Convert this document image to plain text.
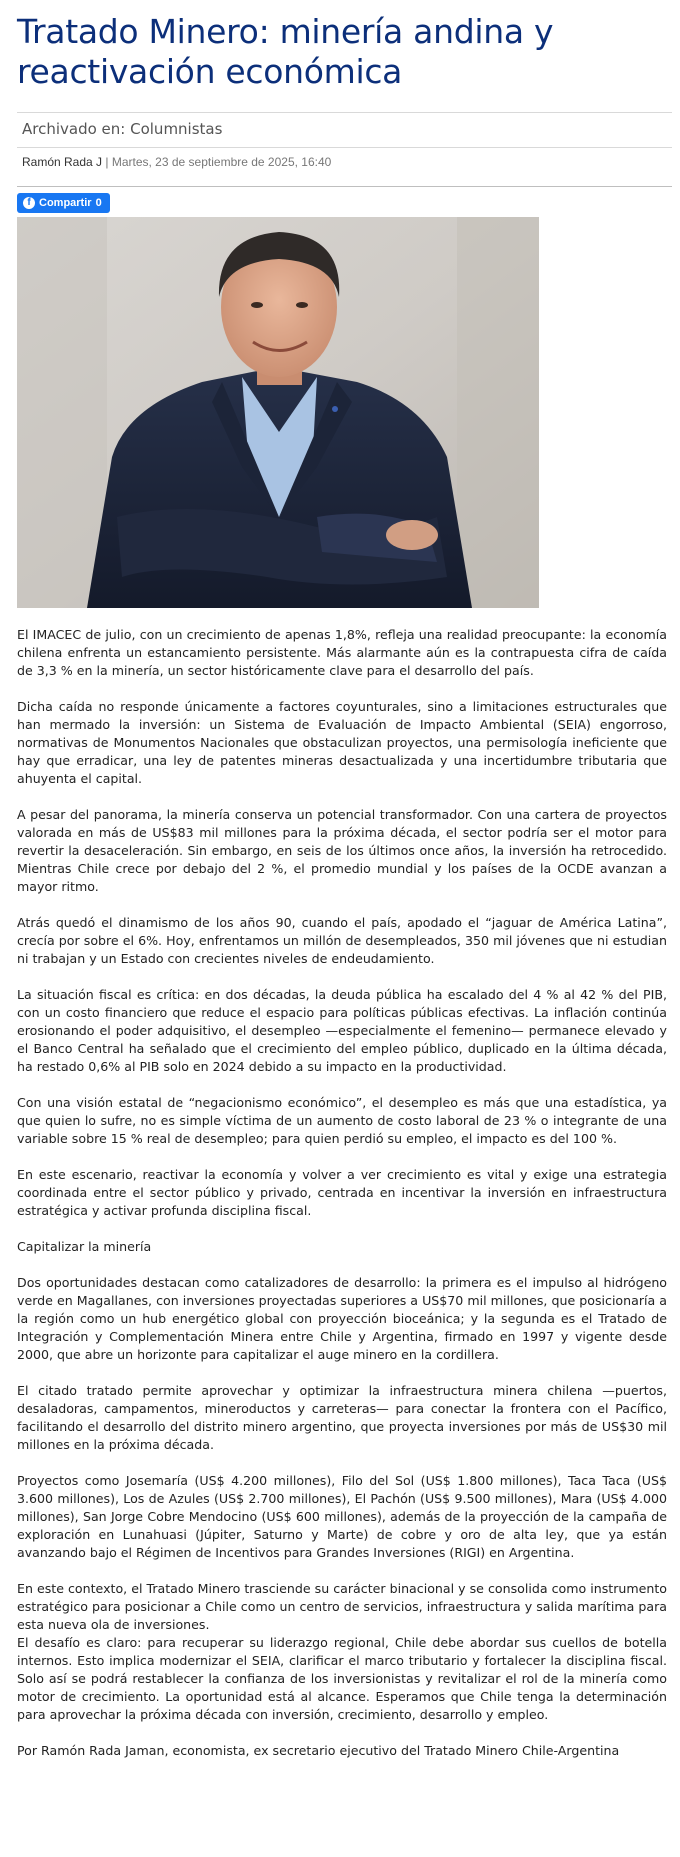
Tratado Minero: minería andina y reactivación económica
Archivado en: Columnistas
Ramón Rada J | Martes, 23 de septiembre de 2025, 16:40
f Compartir 0

El IMACEC de julio, con un crecimiento de apenas 1,8%, refleja una realidad preocupante: la economía chilena enfrenta un estancamiento persistente. Más alarmante aún es la contrapuesta cifra de caída de 3,3 % en la minería, un sector históricamente clave para el desarrollo del país.

Dicha caída no responde únicamente a factores coyunturales, sino a limitaciones estructurales que han mermado la inversión: un Sistema de Evaluación de Impacto Ambiental (SEIA) engorroso, normativas de Monumentos Nacionales que obstaculizan proyectos, una permisología ineficiente que hay que erradicar, una ley de patentes mineras desactualizada y una incertidumbre tributaria que ahuyenta el capital.

A pesar del panorama, la minería conserva un potencial transformador. Con una cartera de proyectos valorada en más de US$83 mil millones para la próxima década, el sector podría ser el motor para revertir la desaceleración. Sin embargo, en seis de los últimos once años, la inversión ha retrocedido. Mientras Chile crece por debajo del 2 %, el promedio mundial y los países de la OCDE avanzan a mayor ritmo.

Atrás quedó el dinamismo de los años 90, cuando el país, apodado el “jaguar de América Latina”, crecía por sobre el 6%. Hoy, enfrentamos un millón de desempleados, 350 mil jóvenes que ni estudian ni trabajan y un Estado con crecientes niveles de endeudamiento.

La situación fiscal es crítica: en dos décadas, la deuda pública ha escalado del 4 % al 42 % del PIB, con un costo financiero que reduce el espacio para políticas públicas efectivas. La inflación continúa erosionando el poder adquisitivo, el desempleo —especialmente el femenino— permanece elevado y el Banco Central ha señalado que el crecimiento del empleo público, duplicado en la última década, ha restado 0,6% al PIB solo en 2024 debido a su impacto en la productividad.

Con una visión estatal de “negacionismo económico”, el desempleo es más que una estadística, ya que quien lo sufre, no es simple víctima de un aumento de costo laboral de 23 % o integrante de una variable sobre 15 % real de desempleo; para quien perdió su empleo, el impacto es del 100 %.

En este escenario, reactivar la economía y volver a ver crecimiento es vital y exige una estrategia coordinada entre el sector público y privado, centrada en incentivar la inversión en infraestructura estratégica y activar profunda disciplina fiscal.

Capitalizar la minería

Dos oportunidades destacan como catalizadores de desarrollo: la primera es el impulso al hidrógeno verde en Magallanes, con inversiones proyectadas superiores a US$70 mil millones, que posicionaría a la región como un hub energético global con proyección bioceánica; y la segunda es el Tratado de Integración y Complementación Minera entre Chile y Argentina, firmado en 1997 y vigente desde 2000, que abre un horizonte para capitalizar el auge minero en la cordillera.

El citado tratado permite aprovechar y optimizar la infraestructura minera chilena —puertos, desaladoras, campamentos, mineroductos y carreteras— para conectar la frontera con el Pacífico, facilitando el desarrollo del distrito minero argentino, que proyecta inversiones por más de US$30 mil millones en la próxima década.

Proyectos como Josemaría (US$ 4.200 millones), Filo del Sol (US$ 1.800 millones), Taca Taca (US$ 3.600 millones), Los de Azules (US$ 2.700 millones), El Pachón (US$ 9.500 millones), Mara (US$ 4.000 millones), San Jorge Cobre Mendocino (US$ 600 millones), además de la proyección de la campaña de exploración en Lunahuasi (Júpiter, Saturno y Marte) de cobre y oro de alta ley, que ya están avanzando bajo el Régimen de Incentivos para Grandes Inversiones (RIGI) en Argentina.

En este contexto, el Tratado Minero trasciende su carácter binacional y se consolida como instrumento estratégico para posicionar a Chile como un centro de servicios, infraestructura y salida marítima para esta nueva ola de inversiones.

El desafío es claro: para recuperar su liderazgo regional, Chile debe abordar sus cuellos de botella internos. Esto implica modernizar el SEIA, clarificar el marco tributario y fortalecer la disciplina fiscal. Solo así se podrá restablecer la confianza de los inversionistas y revitalizar el rol de la minería como motor de crecimiento. La oportunidad está al alcance. Esperamos que Chile tenga la determinación para aprovechar la próxima década con inversión, crecimiento, desarrollo y empleo.

Por Ramón Rada Jaman, economista, ex secretario ejecutivo del Tratado Minero Chile-Argentina
